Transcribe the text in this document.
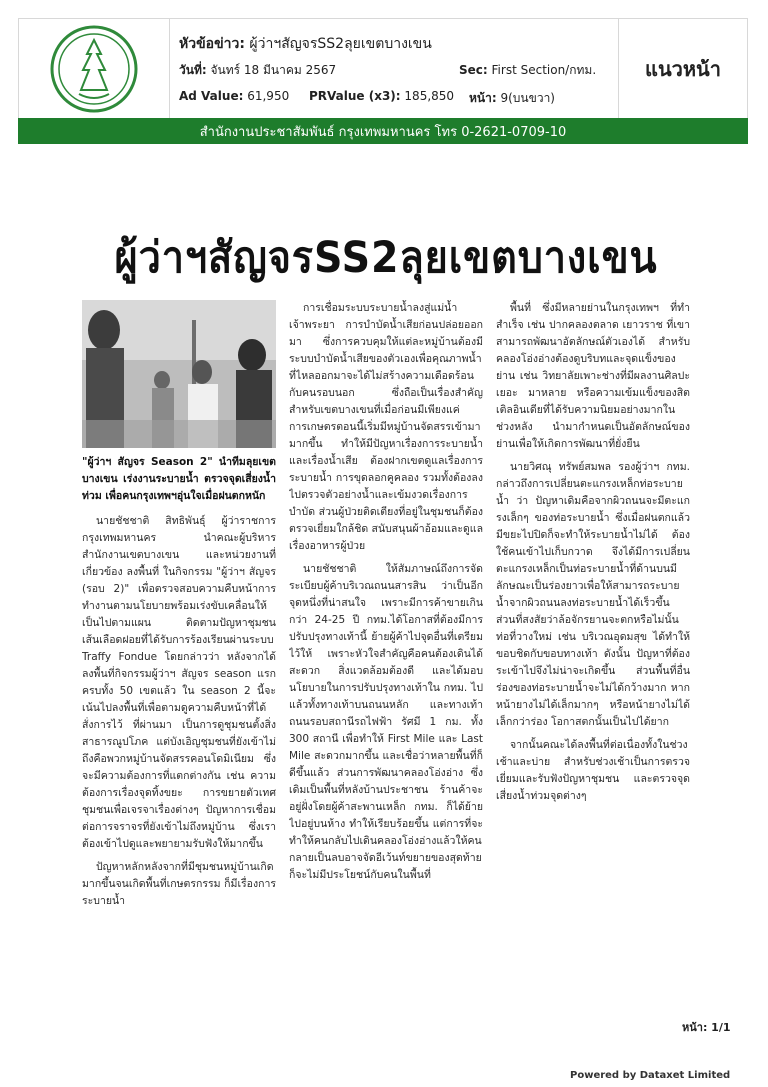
หัวข้อข่าว: ผู้ว่าฯสัญจรSS2ลุยเขตบางเขน
วันที่: จันทร์ 18 มีนาคม 2567	Sec: First Section/กทม.
Ad Value: 61,950 PRValue (x3): 185,850 หน้า: 9(บนขวา)
แนวหน้า
สำนักงานประชาสัมพันธ์ กรุงเทพมหานคร โทร 0-2621-0709-10
ผู้ว่าฯสัญจรSS2ลุยเขตบางเขน
"ผู้ว่าฯ สัญจร Season 2" นำทีมลุยเขตบางเขน เร่งงานระบายน้ำ ตรวจจุดเสี่ยงน้ำท่วม เพื่อคนกรุงเทพฯอุ่นใจเมื่อฝนตกหนัก

นายชัชชาติ สิทธิพันธุ์ ผู้ว่าราชการกรุงเทพมหานคร นำคณะผู้บริหาร สำนักงานเขตบางเขน และหน่วยงานที่เกี่ยวข้อง ลงพื้นที่ ในกิจกรรม "ผู้ว่าฯ สัญจร (รอบ 2)" เพื่อตรวจสอบความคืบหน้าการทำงานตามนโยบายพร้อมเร่งขับเคลื่อนให้เป็นไปตามแผน ติดตามปัญหาชุมชนเส้นเลือดฝอยที่ได้รับการร้องเรียนผ่านระบบ Traffy Fondue โดยกล่าวว่า หลังจากได้ลงพื้นที่กิจกรรมผู้ว่าฯ สัญจร season แรก ครบทั้ง 50 เขตแล้ว ใน season 2 นี้จะเน้นไปลงพื้นที่เพื่อตามดูความคืบหน้าที่ได้สั่งการไว้ ที่ผ่านมา เป็นการดูชุมชนตั้งสิ่งสาธารณูปโภค แต่บังเอิญชุมชนที่ยังเข้าไม่ถึงคือพวกหมู่บ้านจัดสรรคอนโดมิเนียม ซึ่งจะมีความต้องการที่แตกต่างกัน เช่น ความต้องการเรื่องจุดทิ้งขยะ การขยายตัวเทศชุมชนเพื่อเจรจาเรื่องต่างๆ ปัญหาการเชื่อมต่อการจราจรที่ยังเข้าไม่ถึงหมู่บ้าน ซึ่งเราต้องเข้าไปดูและพยายามรับฟังให้มากขึ้น

ปัญหาหลักหลังจากที่มีชุมชนหมู่บ้านเกิดมากขึ้นจนเกิดพื้นที่เกษตรกรรม ก็มีเรื่องการระบายน้ำ

การเชื่อมระบบระบายน้ำลงสู่แม่น้ำเจ้าพระยา การบำบัดน้ำเสียก่อนปล่อยออกมา ซึ่งการควบคุมให้แต่ละหมู่บ้านต้องมีระบบบำบัดน้ำเสียของตัวเองเพื่อคุณภาพน้ำที่ไหลออกมาจะได้ไม่สร้างความเดือดร้อนกับคนรอบนอก ซึ่งถือเป็นเรื่องสำคัญ สำหรับเขตบางเขนที่เมื่อก่อนมีเพียงแค่การเกษตรตอนนี้เริ่มมีหมู่บ้านจัดสรรเข้ามามากขึ้น ทำให้มีปัญหาเรื่องการระบายน้ำและเรื่องน้ำเสีย ต้องฝากเขตดูแลเรื่องการระบายน้ำ การขุดลอกคูคลอง รวมทั้งต้องลงไปตรวจตัวอย่างน้ำและเข้มงวดเรื่องการบำบัด ส่วนผู้ป่วยติดเตียงที่อยู่ในชุมชนก็ต้องตรวจเยี่ยมใกล้ชิด สนับสนุนผ้าอ้อมและดูแลเรื่องอาหารผู้ป่วย

นายชัชชาติ ให้สัมภาษณ์ถึงการจัดระเบียบผู้ค้าบริเวณถนนสารสิน ว่าเป็นอีกจุดหนึ่งที่น่าสนใจ เพราะมีการค้าขายเกินกว่า 24-25 ปี กทม.ได้โอกาสที่ต้องมีการปรับปรุงทางเท้านี้ ย้ายผู้ค้าไปจุดอื่นที่เตรียมไว้ให้ เพราะหัวใจสำคัญคือคนต้องเดินได้สะดวก สิ่งแวดล้อมต้องดี และได้มอบนโยบายในการปรับปรุงทางเท้าใน กทม. ไปแล้วทั้งทางเท้าบนถนนหลัก และทางเท้าถนนรอบสถานีรถไฟฟ้า รัศมี 1 กม. ทั้ง 300 สถานี เพื่อทำให้ First Mile และ Last Mile สะดวกมากขึ้น และเชื่อว่าหลายพื้นที่ก็ดีขึ้นแล้ว ส่วนการพัฒนาคลองโอ่งอ่าง ซึ่งเดิมเป็นพื้นที่หลังบ้านประชาชน ร้านค้าจะอยู่ฝั่งโดยผู้ค้าสะพานเหล็ก กทม. ก็ได้ย้ายไปอยู่บนห้าง ทำให้เรียบร้อยขึ้น แต่การที่จะทำให้คนกลับไปเดินคลองโอ่งอ่างแล้วให้คนกลายเป็นลบอาจจัดอีเว้นท์ขยายของสุดท้ายก็จะไม่มีประโยชน์กับคนในพื้นที่

พื้นที่ ซึ่งมีหลายย่านในกรุงเทพฯ ที่ทำสำเร็จ เช่น ปากคลองตลาด เยาวราช ที่เขาสามารถพัฒนาอัตลักษณ์ตัวเองได้ สำหรับคลองโอ่งอ่างต้องดูบริบทและจุดแข็งของย่าน เช่น วิทยาลัยเพาะช่างที่มีผลงานศิลปะเยอะ มาหลาย หรือความเข้มแข็งของสิตเติลอินเดียที่ได้รับความนิยมอย่างมากในช่วงหลัง นำมากำหนดเป็นอัตลักษณ์ของย่านเพื่อให้เกิดการพัฒนาที่ยั่งยืน

นายวิศณุ ทรัพย์สมพล รองผู้ว่าฯ กทม. กล่าวถึงการเปลี่ยนตะแกรงเหล็กท่อระบายน้ำ ว่า ปัญหาเดิมคือจากผิวถนนจะมีตะแกรงเล็กๆ ของท่อระบายน้ำ ซึ่งเมื่อฝนตกแล้วมีขยะไปปิดก็จะทำให้ระบายน้ำไม่ได้ ต้องใช้คนเข้าไปเก็บกวาด จึงได้มีการเปลี่ยนตะแกรงเหล็กเป็นท่อระบายน้ำที่ด้านบนมีลักษณะเป็นร่องยาวเพื่อให้สามารถระบายน้ำจากผิวถนนลงท่อระบายน้ำได้เร็วขึ้น ส่วนที่สงสัยว่าล้อจักรยานจะตกหรือไม่นั้น ท่อที่วางใหม่ เช่น บริเวณอุดมสุข ได้ทำให้ขอบชิดกับขอบทางเท้า ดังนั้น ปัญหาที่ต้องระเข้าไปจึงไม่น่าจะเกิดขึ้น ส่วนพื้นที่อื่น ร่องของท่อระบายน้ำจะไม่ได้กว้างมาก หากหน้ายางไม่ได้เล็กมากๆ หรือหน้ายางไม่ได้เล็กกว่าร่อง โอกาสตกนั้นเป็นไปได้ยาก

จากนั้นคณะได้ลงพื้นที่ต่อเนื่องทั้งในช่วงเช้าและบ่าย สำหรับช่วงเช้าเป็นการตรวจเยี่ยมและรับฟังปัญหาชุมชน และตรวจจุดเสี่ยงน้ำท่วมจุดต่างๆ

หน้า: 1/1
Powered by Dataxet Limited
